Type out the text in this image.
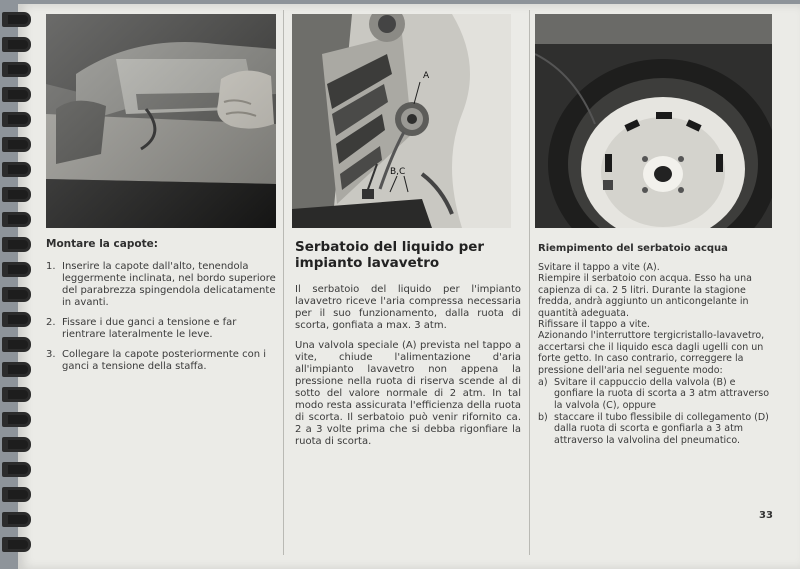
A
B,C
Montare la capote:
1. Inserire la capote dall'alto, tenendola leggermente inclinata, nel bordo superiore del parabrezza spingendola delicatamente in avanti.
2. Fissare i due ganci a tensione e far rientrare lateralmente le leve.
3. Collegare la capote posteriormente con i ganci a tensione della staffa.
Serbatoio del liquido per impianto lavavetro

Il serbatoio del liquido per l'impianto lavavetro riceve l'aria compressa necessaria per il suo funzionamento, dalla ruota di scorta, gonfiata a max. 3 atm.

Una valvola speciale (A) prevista nel tappo a vite, chiude l'alimentazione d'aria all'impianto lavavetro non appena la pressione nella ruota di riserva scende al di sotto del valore normale di 2 atm. In tal modo resta assicurata l'efficienza della ruota di scorta. Il serbatoio può venir rifornito ca. 2 a 3 volte prima che si debba rigonfiare la ruota di scorta.

Riempimento del serbatoio acqua

Svitare il tappo a vite (A).

Riempire il serbatoio con acqua. Esso ha una capienza di ca. 2 5 litri. Durante la stagione fredda, andrà aggiunto un anticongelante in quantità adeguata.

Rifissare il tappo a vite.

Azionando l'interruttore tergicristallo-lavavetro, accertarsi che il liquido esca dagli ugelli con un forte getto. In caso contrario, correggere la pressione dell'aria nel seguente modo:

a) Svitare il cappuccio della valvola (B) e gonfiare la ruota di scorta a 3 atm attraverso la valvola (C), oppure
b) staccare il tubo flessibile di collegamento (D) dalla ruota di scorta e gonfiarla a 3 atm attraverso la valvolina del pneumatico.
33
